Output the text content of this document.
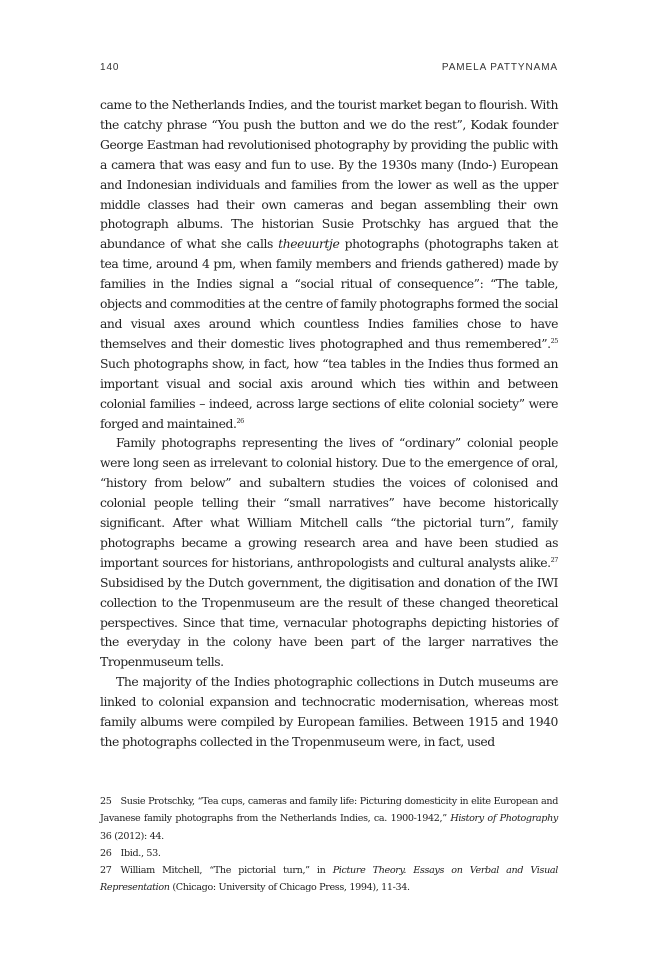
140	PAMELA PATTYNAMA

came to the Netherlands Indies, and the tourist market began to flourish. With the catchy phrase “You push the button and we do the rest”, Kodak founder George Eastman had revolutionised photography by providing the public with a camera that was easy and fun to use. By the 1930s many (Indo-) European and Indonesian individuals and families from the lower as well as the upper middle classes had their own cameras and began assembling their own photograph albums. The historian Susie Protschky has argued that the abundance of what she calls theeuurtje photographs (photographs taken at tea time, around 4 pm, when family members and friends gathered) made by families in the Indies signal a “social ritual of consequence”: “The table, objects and commodities at the centre of family photographs formed the social and visual axes around which countless Indies families chose to have themselves and their domestic lives photographed and thus remembered”.$^{25}$ Such photographs show, in fact, how “tea tables in the Indies thus formed an important visual and social axis around which ties within and between colonial families – indeed, across large sections of elite colonial society” were forged and maintained.$^{26}$

Family photographs representing the lives of “ordinary” colonial people were long seen as irrelevant to colonial history. Due to the emergence of oral, “history from below” and subaltern studies the voices of colonised and colonial people telling their “small narratives” have become historically significant. After what William Mitchell calls “the pictorial turn”, family photographs became a growing research area and have been studied as important sources for historians, anthropologists and cultural analysts alike.$^{27}$ Subsidised by the Dutch government, the digitisation and donation of the IWI collection to the Tropenmuseum are the result of these changed theoretical perspectives. Since that time, vernacular photographs depicting histories of the everyday in the colony have been part of the larger narratives the Tropenmuseum tells.

The majority of the Indies photographic collections in Dutch museums are linked to colonial expansion and technocratic modernisation, whereas most family albums were compiled by European families. Between 1915 and 1940 the photographs collected in the Tropenmuseum were, in fact, used

25 Susie Protschky, “Tea cups, cameras and family life: Picturing domesticity in elite European and Javanese family photographs from the Netherlands Indies, ca. 1900-1942,” History of Photography 36 (2012): 44.

26 Ibid., 53.

27 William Mitchell, “The pictorial turn,” in Picture Theory. Essays on Verbal and Visual Representation (Chicago: University of Chicago Press, 1994), 11-34.
